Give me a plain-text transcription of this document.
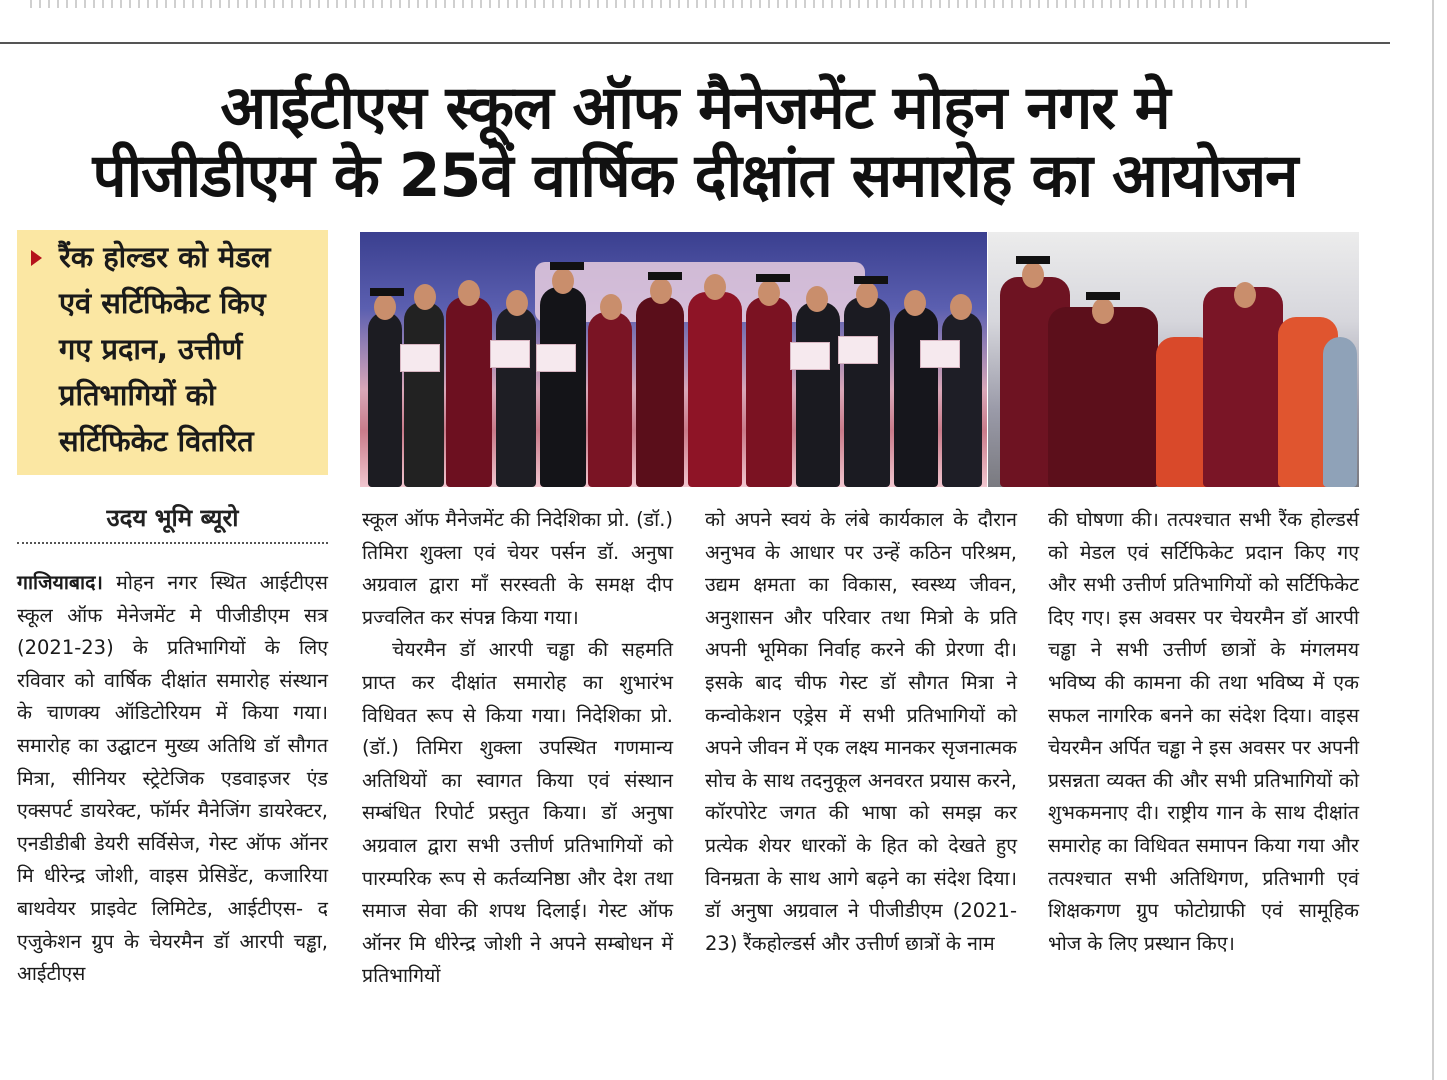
आईटीएस स्कूल ऑफ मैनेजमेंट मोहन नगर मे
पीजीडीएम के 25वें वार्षिक दीक्षांत समारोह का आयोजन
रैंक होल्डर को मेडल
एवं सर्टिफिकेट किए
गए प्रदान, उत्तीर्ण
प्रतिभागियों को
सर्टिफिकेट वितरित
उदय भूमि ब्यूरो

गाजियाबाद। मोहन नगर स्थित आईटीएस स्कूल ऑफ मेनेजमेंट मे पीजीडीएम सत्र (2021-23) के प्रतिभागियों के लिए रविवार को वार्षिक दीक्षांत समारोह संस्थान के चाणक्य ऑडिटोरियम में किया गया। समारोह का उद्घाटन मुख्य अतिथि डॉ सौगत मित्रा, सीनियर स्ट्रेटेजिक एडवाइजर एंड एक्सपर्ट डायरेक्ट, फॉर्मर मैनेजिंग डायरेक्टर, एनडीडीबी डेयरी सर्विसेज, गेस्ट ऑफ ऑनर मि धीरेन्द्र जोशी, वाइस प्रेसिडेंट, कजारिया बाथवेयर प्राइवेट लिमिटेड, आईटीएस- द एजुकेशन ग्रुप के चेयरमैन डॉ आरपी चड्ढा, आईटीएस

स्कूल ऑफ मैनेजमेंट की निदेशिका प्रो. (डॉ.) तिमिरा शुक्ला एवं चेयर पर्सन डॉ. अनुषा अग्रवाल द्वारा माँ सरस्वती के समक्ष दीप प्रज्वलित कर संपन्न किया गया।

चेयरमैन डॉ आरपी चड्ढा की सहमति प्राप्त कर दीक्षांत समारोह का शुभारंभ विधिवत रूप से किया गया। निदेशिका प्रो. (डॉ.) तिमिरा शुक्ला उपस्थित गणमान्य अतिथियों का स्वागत किया एवं संस्थान सम्बंधित रिपोर्ट प्रस्तुत किया। डॉ अनुषा अग्रवाल द्वारा सभी उत्तीर्ण प्रतिभागियों को पारम्परिक रूप से कर्तव्यनिष्ठा और देश तथा समाज सेवा की शपथ दिलाई। गेस्ट ऑफ ऑनर मि धीरेन्द्र जोशी ने अपने सम्बोधन में प्रतिभागियों

को अपने स्वयं के लंबे कार्यकाल के दौरान अनुभव के आधार पर उन्हें कठिन परिश्रम, उद्यम क्षमता का विकास, स्वस्थ्य जीवन, अनुशासन और परिवार तथा मित्रो के प्रति अपनी भूमिका निर्वाह करने की प्रेरणा दी। इसके बाद चीफ गेस्ट डॉ सौगत मित्रा ने कन्वोकेशन एड्रेस में सभी प्रतिभागियों को अपने जीवन में एक लक्ष्य मानकर सृजनात्मक सोच के साथ तदनुकूल अनवरत प्रयास करने, कॉरपोरेट जगत की भाषा को समझ कर प्रत्येक शेयर धारकों के हित को देखते हुए विनम्रता के साथ आगे बढ़ने का संदेश दिया। डॉ अनुषा अग्रवाल ने पीजीडीएम (2021-23) रैंकहोल्डर्स और उत्तीर्ण छात्रों के नाम

की घोषणा की। तत्पश्चात सभी रैंक होल्डर्स को मेडल एवं सर्टिफिकेट प्रदान किए गए और सभी उत्तीर्ण प्रतिभागियों को सर्टिफिकेट दिए गए। इस अवसर पर चेयरमैन डॉ आरपी चड्ढा ने सभी उत्तीर्ण छात्रों के मंगलमय भविष्य की कामना की तथा भविष्य में एक सफल नागरिक बनने का संदेश दिया। वाइस चेयरमैन अर्पित चड्ढा ने इस अवसर पर अपनी प्रसन्नता व्यक्त की और सभी प्रतिभागियों को शुभकमनाए दी। राष्ट्रीय गान के साथ दीक्षांत समारोह का विधिवत समापन किया गया और तत्पश्चात सभी अतिथिगण, प्रतिभागी एवं शिक्षकगण ग्रुप फोटोग्राफी एवं सामूहिक भोज के लिए प्रस्थान किए।
